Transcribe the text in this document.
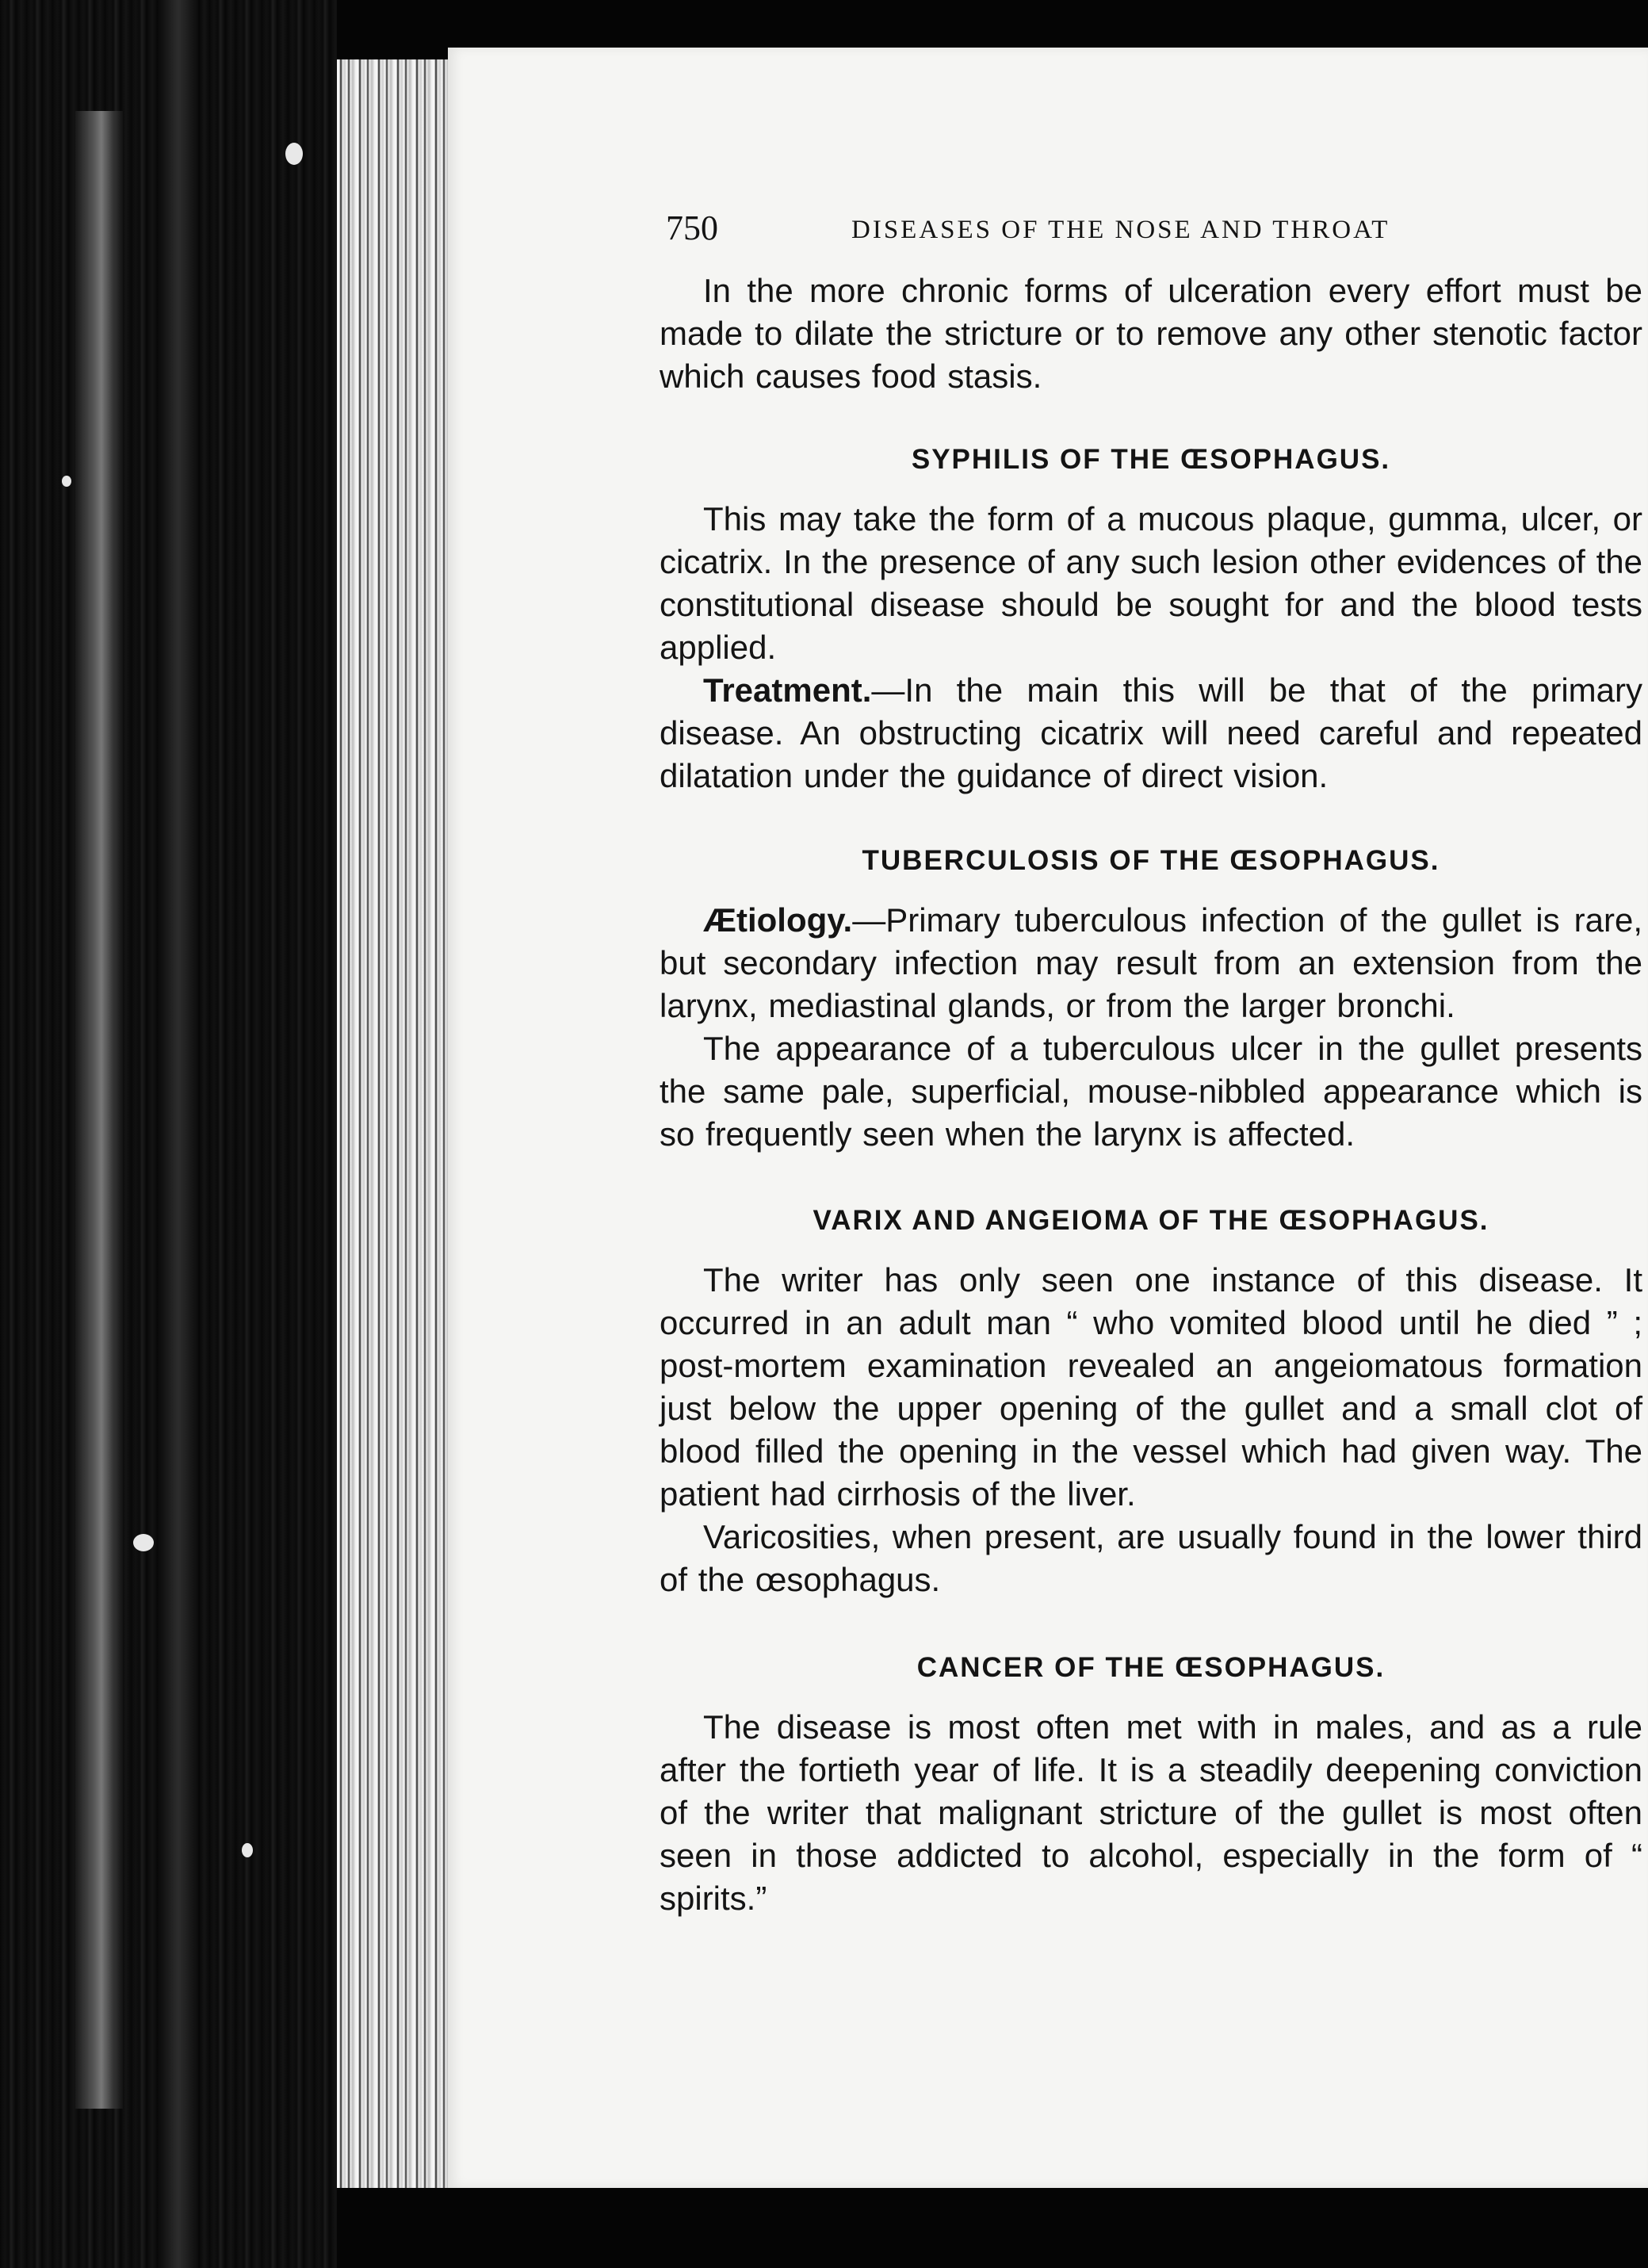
750	DISEASES OF THE NOSE AND THROAT

In the more chronic forms of ulceration every effort must be made to dilate the stricture or to remove any other stenotic factor which causes food stasis.

SYPHILIS OF THE ŒSOPHAGUS.

This may take the form of a mucous plaque, gumma, ulcer, or cicatrix. In the presence of any such lesion other evidences of the constitutional disease should be sought for and the blood tests applied.

Treatment.—In the main this will be that of the primary disease. An obstructing cicatrix will need careful and repeated dilatation under the guidance of direct vision.

TUBERCULOSIS OF THE ŒSOPHAGUS.

Ætiology.—Primary tuberculous infection of the gullet is rare, but secondary infection may result from an extension from the larynx, mediastinal glands, or from the larger bronchi.

The appearance of a tuberculous ulcer in the gullet presents the same pale, superficial, mouse-nibbled appearance which is so frequently seen when the larynx is affected.

VARIX AND ANGEIOMA OF THE ŒSOPHAGUS.

The writer has only seen one instance of this disease. It occurred in an adult man “ who vomited blood until he died ” ; post-mortem examination revealed an angeiomatous formation just below the upper opening of the gullet and a small clot of blood filled the opening in the vessel which had given way. The patient had cirrhosis of the liver.

Varicosities, when present, are usually found in the lower third of the œsophagus.

CANCER OF THE ŒSOPHAGUS.

The disease is most often met with in males, and as a rule after the fortieth year of life. It is a steadily deepening conviction of the writer that malignant stricture of the gullet is most often seen in those addicted to alcohol, especially in the form of “ spirits.”
